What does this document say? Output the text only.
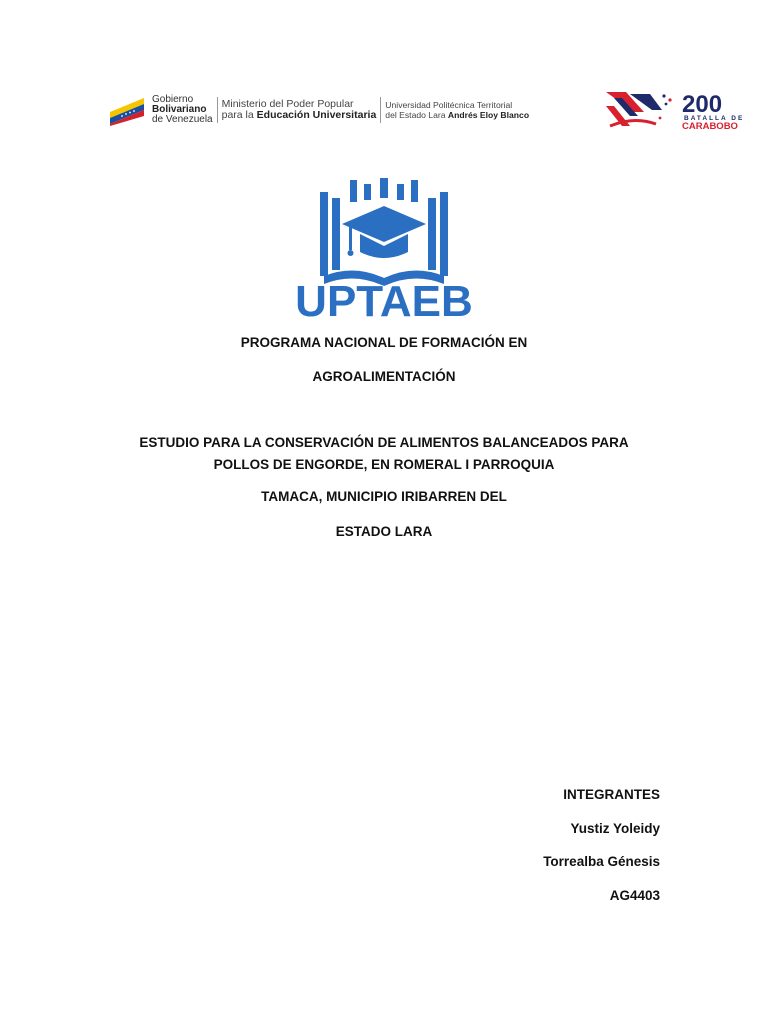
Gobierno
Bolivariano
de Venezuela
Ministerio del Poder Popular
para la Educación Universitaria
Universidad Politécnica Territorial
del Estado Lara Andrés Eloy Blanco	200
BATALLA DE
CARABOBO
UPTAEB
PROGRAMA NACIONAL DE FORMACIÓN EN
AGROALIMENTACIÓN
ESTUDIO PARA LA CONSERVACIÓN DE ALIMENTOS BALANCEADOS PARA
POLLOS DE ENGORDE, EN ROMERAL I PARROQUIA
TAMACA, MUNICIPIO IRIBARREN DEL
ESTADO LARA
INTEGRANTES
Yustiz Yoleidy
Torrealba Génesis
AG4403
